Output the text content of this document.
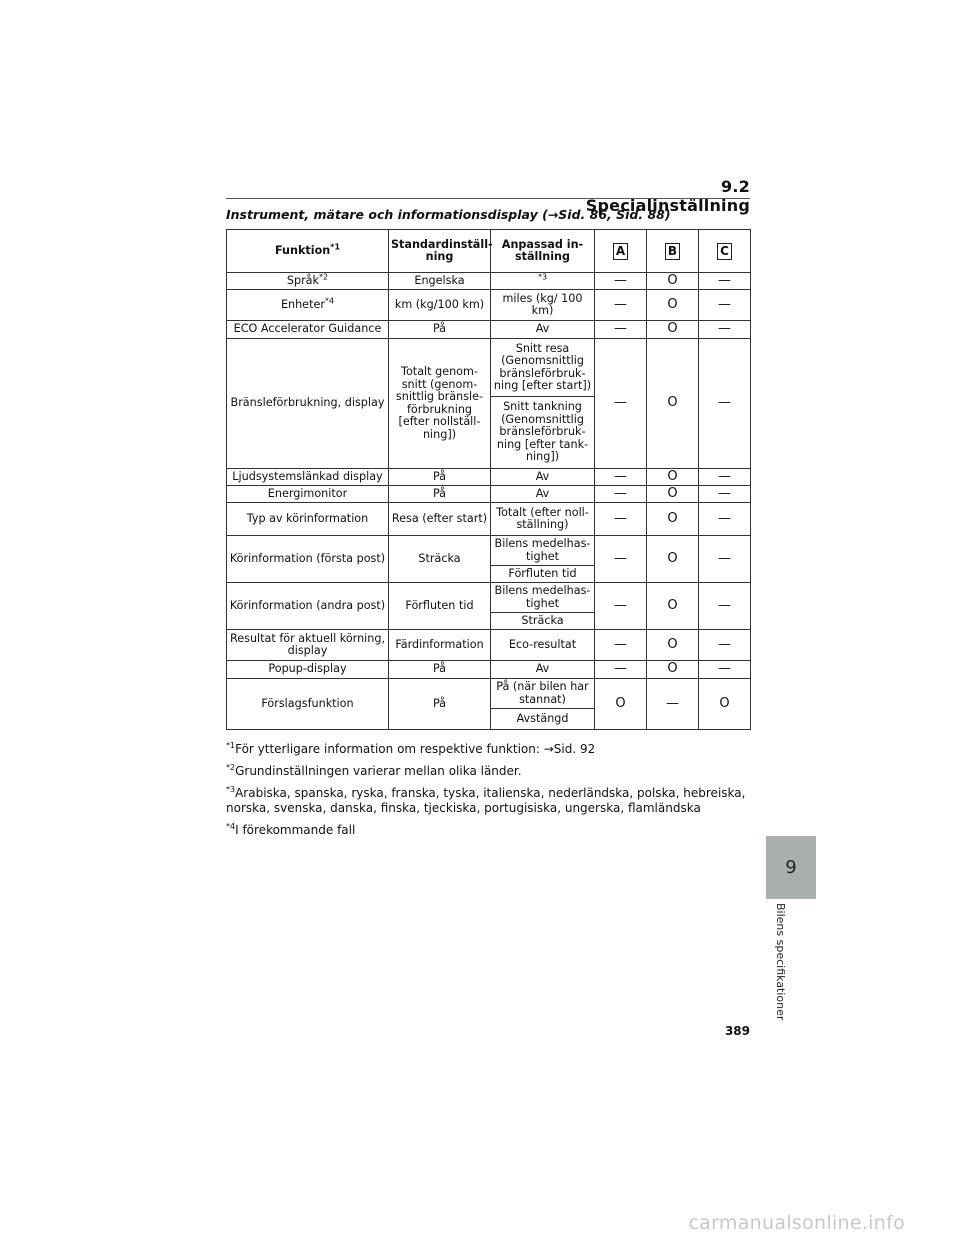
9.2 Specialinställning
Instrument, mätare och informationsdisplay (→Sid. 86, Sid. 88)
Funktion$^{*1}$	Standardinställ-ning	Anpassad in-ställning	A	B	C
Språk$^{*2}$	Engelska	$^{*3}$	—	O	—
Enheter$^{*4}$	km (kg/100 km)	miles (kg/ 100 km)	—	O	—
ECO Accelerator Guidance	På	Av	—	O	—
Bränsleförbrukning, display	Totalt genom-snitt (genom-snittlig bränsle-förbrukning [efter nollställ-ning])	Snitt resa (Genomsnittlig bränsleförbruk-ning [efter start])	—	O	—
		Snitt tankning (Genomsnittlig bränsleförbruk-ning [efter tank-ning])			
Ljudsystemslänkad display	På	Av	—	O	—
Energimonitor	På	Av	—	O	—
Typ av körinformation	Resa (efter start)	Totalt (efter noll-ställning)	—	O	—
Körinformation (första post)	Sträcka	Bilens medelhas-tighet	—	O	—
		Förfluten tid			
Körinformation (andra post)	Förfluten tid	Bilens medelhas-tighet	—	O	—
		Sträcka			
Resultat för aktuell körning, display	Färdinformation	Eco-resultat	—	O	—
Popup-display	På	Av	—	O	—
Förslagsfunktion	På	På (när bilen har stannat)	O	—	O
		Avstängd			

$^{*1}$För ytterligare information om respektive funktion: →Sid. 92

$^{*2}$Grundinställningen varierar mellan olika länder.

$^{*3}$Arabiska, spanska, ryska, franska, tyska, italienska, nederländska, polska, hebreiska, norska, svenska, danska, finska, tjeckiska, portugisiska, ungerska, flamländska

$^{*4}$I förekommande fall

9
Bilens specifikationer
389
carmanualsonline.info
